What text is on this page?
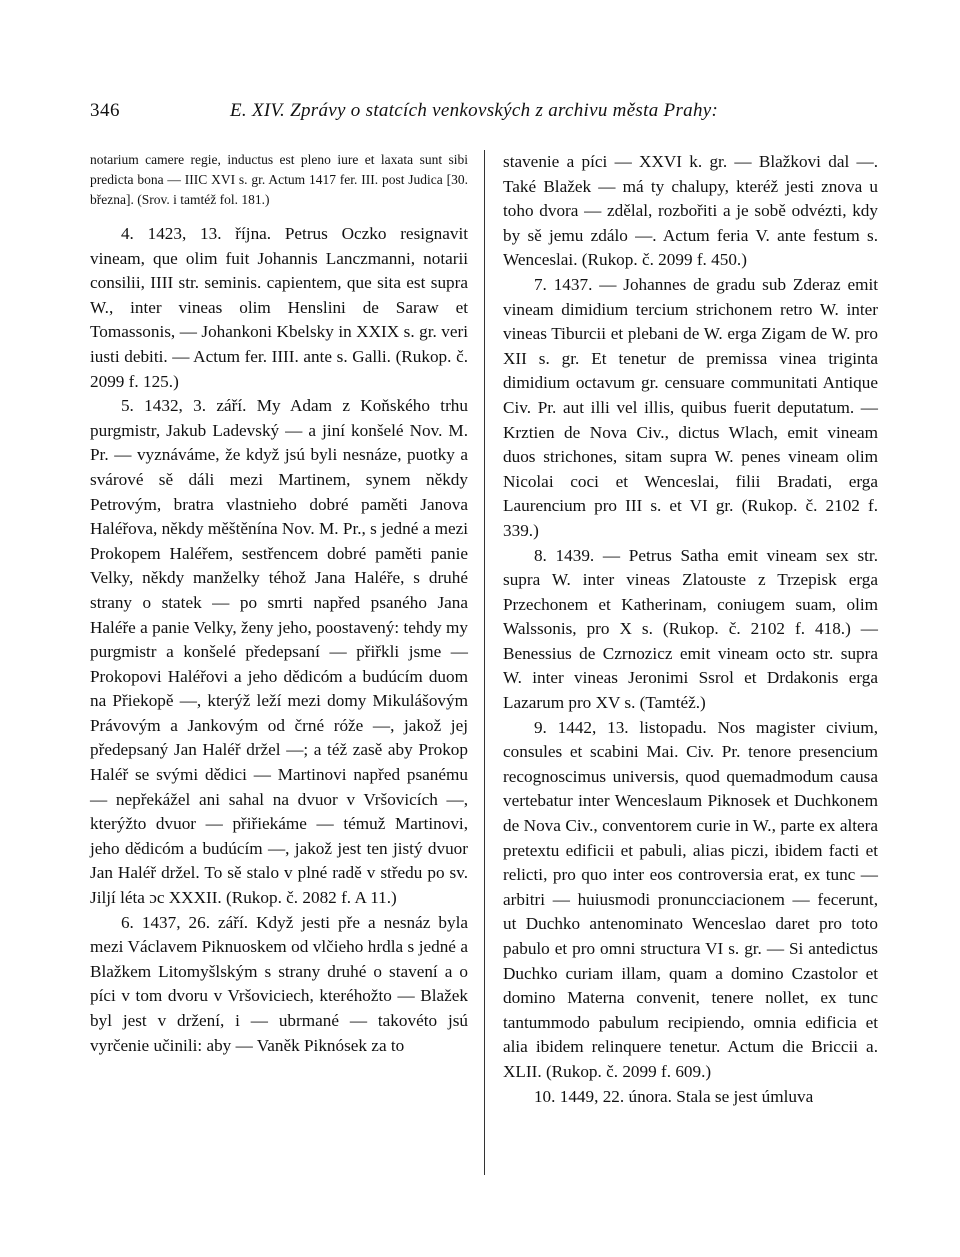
346	E. XIV. Zprávy o statcích venkovských z archivu města Prahy:

notarium camere regie, inductus est pleno iure et laxata sunt sibi predicta bona — IIIC XVI s. gr. Actum 1417 fer. III. post Judica [30. března]. (Srov. i tamtéž fol. 181.)

4. 1423, 13. října. Petrus Oczko resignavit vineam, que olim fuit Johannis Lanczmanni, notarii consilii, IIII str. seminis. capientem, que sita est supra W., inter vineas olim Henslini de Saraw et Tomassonis, — Johankoni Kbelsky in XXIX s. gr. veri iusti debiti. — Actum fer. IIII. ante s. Galli. (Rukop. č. 2099 f. 125.)

5. 1432, 3. září. My Adam z Koňského trhu purgmistr, Jakub Ladevský — a jiní konšelé Nov. M. Pr. — vyznáváme, že když jsú byli nesnáze, puotky a svárové sě dáli mezi Martinem, synem někdy Petrovým, bratra vlastnieho dobré paměti Janova Haléřova, někdy měštěnína Nov. M. Pr., s jedné a mezi Prokopem Haléřem, sestřencem dobré paměti panie Velky, někdy manželky téhož Jana Haléře, s druhé strany o statek — po smrti napřed psaného Jana Haléře a panie Velky, ženy jeho, poostavený: tehdy my purgmistr a konšelé předepsaní — přiřkli jsme — Prokopovi Haléřovi a jeho dědicóm a budúcím duom na Přiekopě —, kterýž leží mezi domy Mikulášovým Právovým a Jankovým od črné róže —, jakož jej předepsaný Jan Haléř držel —; a též zasě aby Prokop Haléř se svými dědici — Martinovi napřed psanému — nepřekážel ani sahal na dvuor v Vršovicích —, kterýžto dvuor — přiřiekáme — témuž Martinovi, jeho dědicóm a budúcím —, jakož jest ten jistý dvuor Jan Haléř držel. To sě stalo v plné radě v středu po sv. Jiljí léta ɔc XXXII. (Rukop. č. 2082 f. A 11.)

6. 1437, 26. září. Když jesti pře a nesnáz byla mezi Václavem Piknuoskem od vlčieho hrdla s jedné a Blažkem Litomyšlským s strany druhé o stavení a o píci v tom dvoru v Vršoviciech, kteréhožto — Blažek byl jest v držení, i — ubrmané — takovéto jsú vyrčenie učinili: aby — Vaněk Piknósek za to

stavenie a píci — XXVI k. gr. — Blažkovi dal —. Také Blažek — má ty chalupy, kteréž jesti znova u toho dvora — zdělal, rozbořiti a je sobě odvézti, kdy by sě jemu zdálo —. Actum feria V. ante festum s. Wenceslai. (Rukop. č. 2099 f. 450.)

7. 1437. — Johannes de gradu sub Zderaz emit vineam dimidium tercium strichonem retro W. inter vineas Tiburcii et plebani de W. erga Zigam de W. pro XII s. gr. Et tenetur de premissa vinea triginta dimidium octavum gr. censuare communitati Antique Civ. Pr. aut illi vel illis, quibus fuerit deputatum. — Krztien de Nova Civ., dictus Wlach, emit vineam duos strichones, sitam supra W. penes vineam olim Nicolai coci et Wenceslai, filii Bradati, erga Laurencium pro III s. et VI gr. (Rukop. č. 2102 f. 339.)

8. 1439. — Petrus Satha emit vineam sex str. supra W. inter vineas Zlatouste z Trzepisk erga Przechonem et Katherinam, coniugem suam, olim Walssonis, pro X s. (Rukop. č. 2102 f. 418.) — Benessius de Czrnozicz emit vineam octo str. supra W. inter vineas Jeronimi Ssrol et Drdakonis erga Lazarum pro XV s. (Tamtéž.)

9. 1442, 13. listopadu. Nos magister civium, consules et scabini Mai. Civ. Pr. tenore presencium recognoscimus universis, quod quemadmodum causa vertebatur inter Wenceslaum Piknosek et Duchkonem de Nova Civ., conventorem curie in W., parte ex altera pretextu edificii et pabuli, alias piczi, ibidem facti et relicti, pro quo inter eos controversia erat, ex tunc — arbitri — huiusmodi pronuncciacionem — fecerunt, ut Duchko antenominato Wenceslao daret pro toto pabulo et pro omni structura VI s. gr. — Si antedictus Duchko curiam illam, quam a domino Czastolor et domino Materna convenit, tenere nollet, ex tunc tantummodo pabulum recipiendo, omnia edificia et alia ibidem relinquere tenetur. Actum die Briccii a. XLII. (Rukop. č. 2099 f. 609.)

10. 1449, 22. února. Stala se jest úmluva
